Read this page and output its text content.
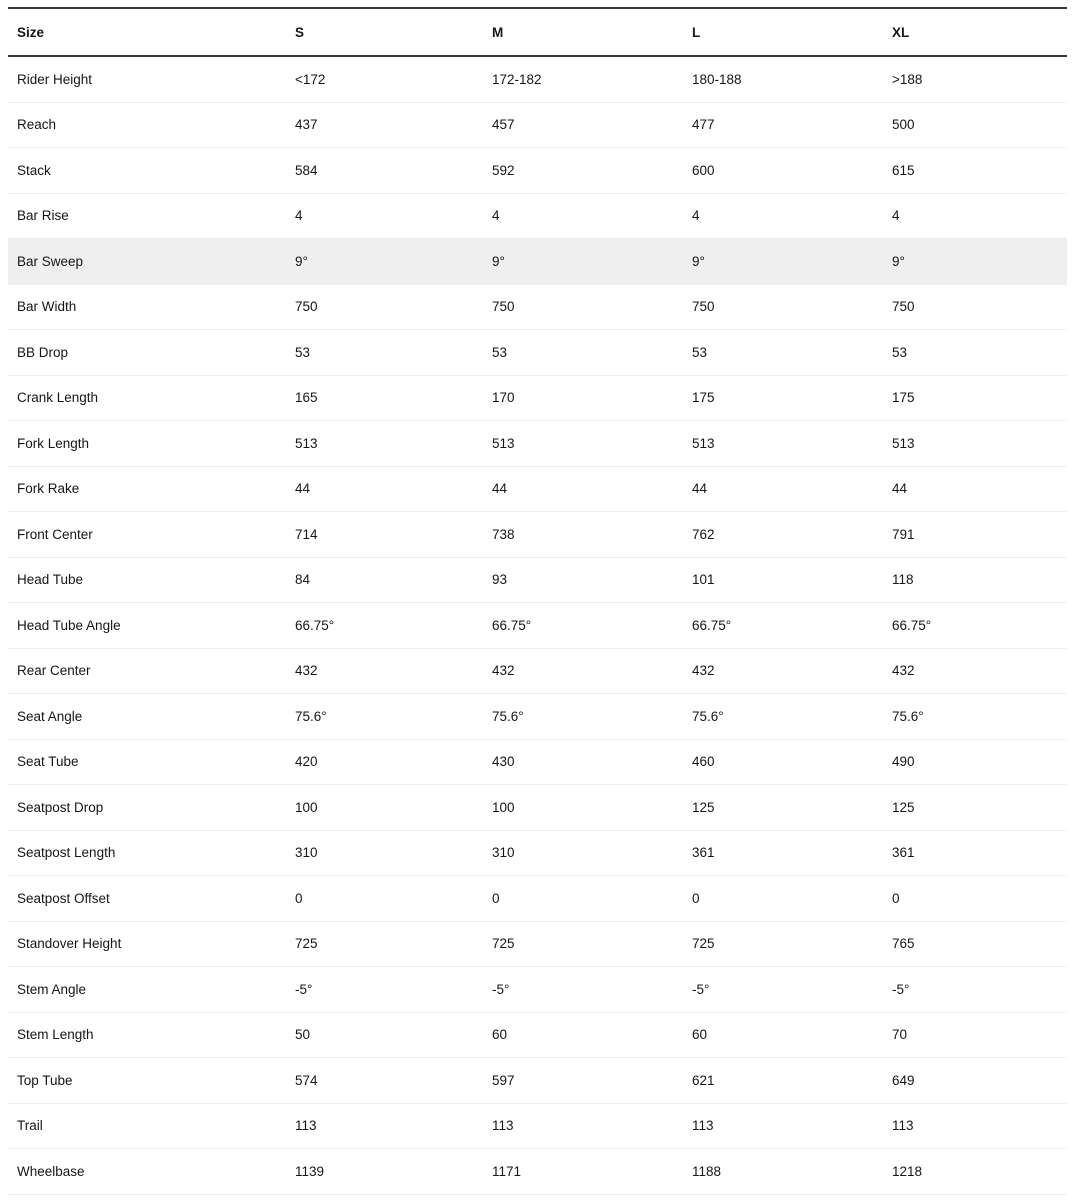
Size	S	M	L	XL
Rider Height	<172	172-182	180-188	>188
Reach	437	457	477	500
Stack	584	592	600	615
Bar Rise	4	4	4	4
Bar Sweep	9°	9°	9°	9°
Bar Width	750	750	750	750
BB Drop	53	53	53	53
Crank Length	165	170	175	175
Fork Length	513	513	513	513
Fork Rake	44	44	44	44
Front Center	714	738	762	791
Head Tube	84	93	101	118
Head Tube Angle	66.75°	66.75°	66.75°	66.75°
Rear Center	432	432	432	432
Seat Angle	75.6°	75.6°	75.6°	75.6°
Seat Tube	420	430	460	490
Seatpost Drop	100	100	125	125
Seatpost Length	310	310	361	361
Seatpost Offset	0	0	0	0
Standover Height	725	725	725	765
Stem Angle	-5°	-5°	-5°	-5°
Stem Length	50	60	60	70
Top Tube	574	597	621	649
Trail	113	113	113	113
Wheelbase	1139	1171	1188	1218
